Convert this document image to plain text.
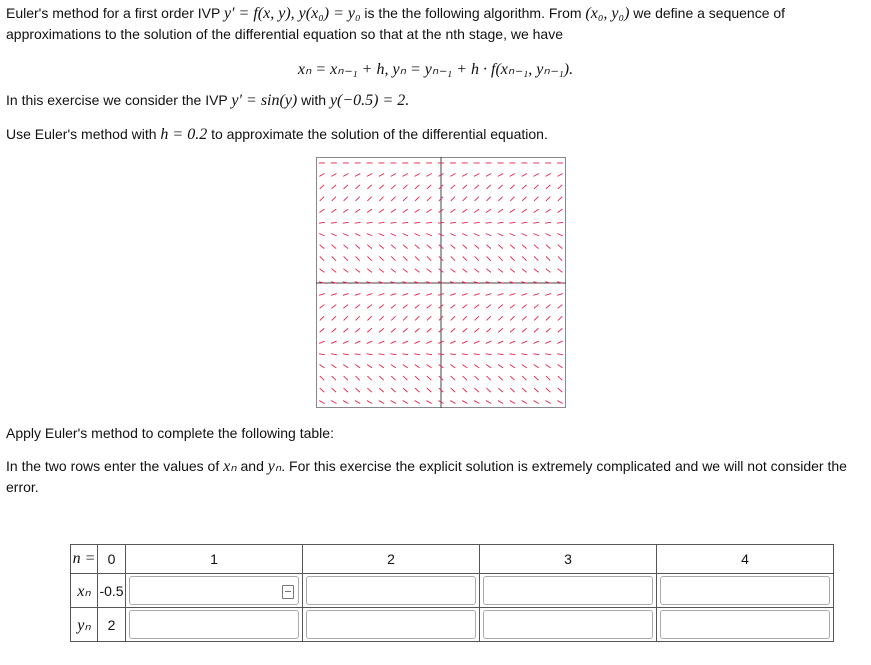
Euler's method for a first order IVP y′ = f(x, y), y(x₀) = y₀ is the the following algorithm. From (x₀, y₀) we define a sequence of approximations to the solution of the differential equation so that at the nth stage, we have
xₙ = xₙ₋₁ + h, yₙ = yₙ₋₁ + h · f(xₙ₋₁, yₙ₋₁).
In this exercise we consider the IVP y′ = sin(y) with y(−0.5) = 2.
Use Euler's method with h = 0.2 to approximate the solution of the differential equation.
Apply Euler's method to complete the following table:
In the two rows enter the values of xₙ and yₙ. For this exercise the explicit solution is extremely complicated and we will not consider the error.
n =	0	1	2	3	4
xₙ	-0.5	

yₙ	2	
